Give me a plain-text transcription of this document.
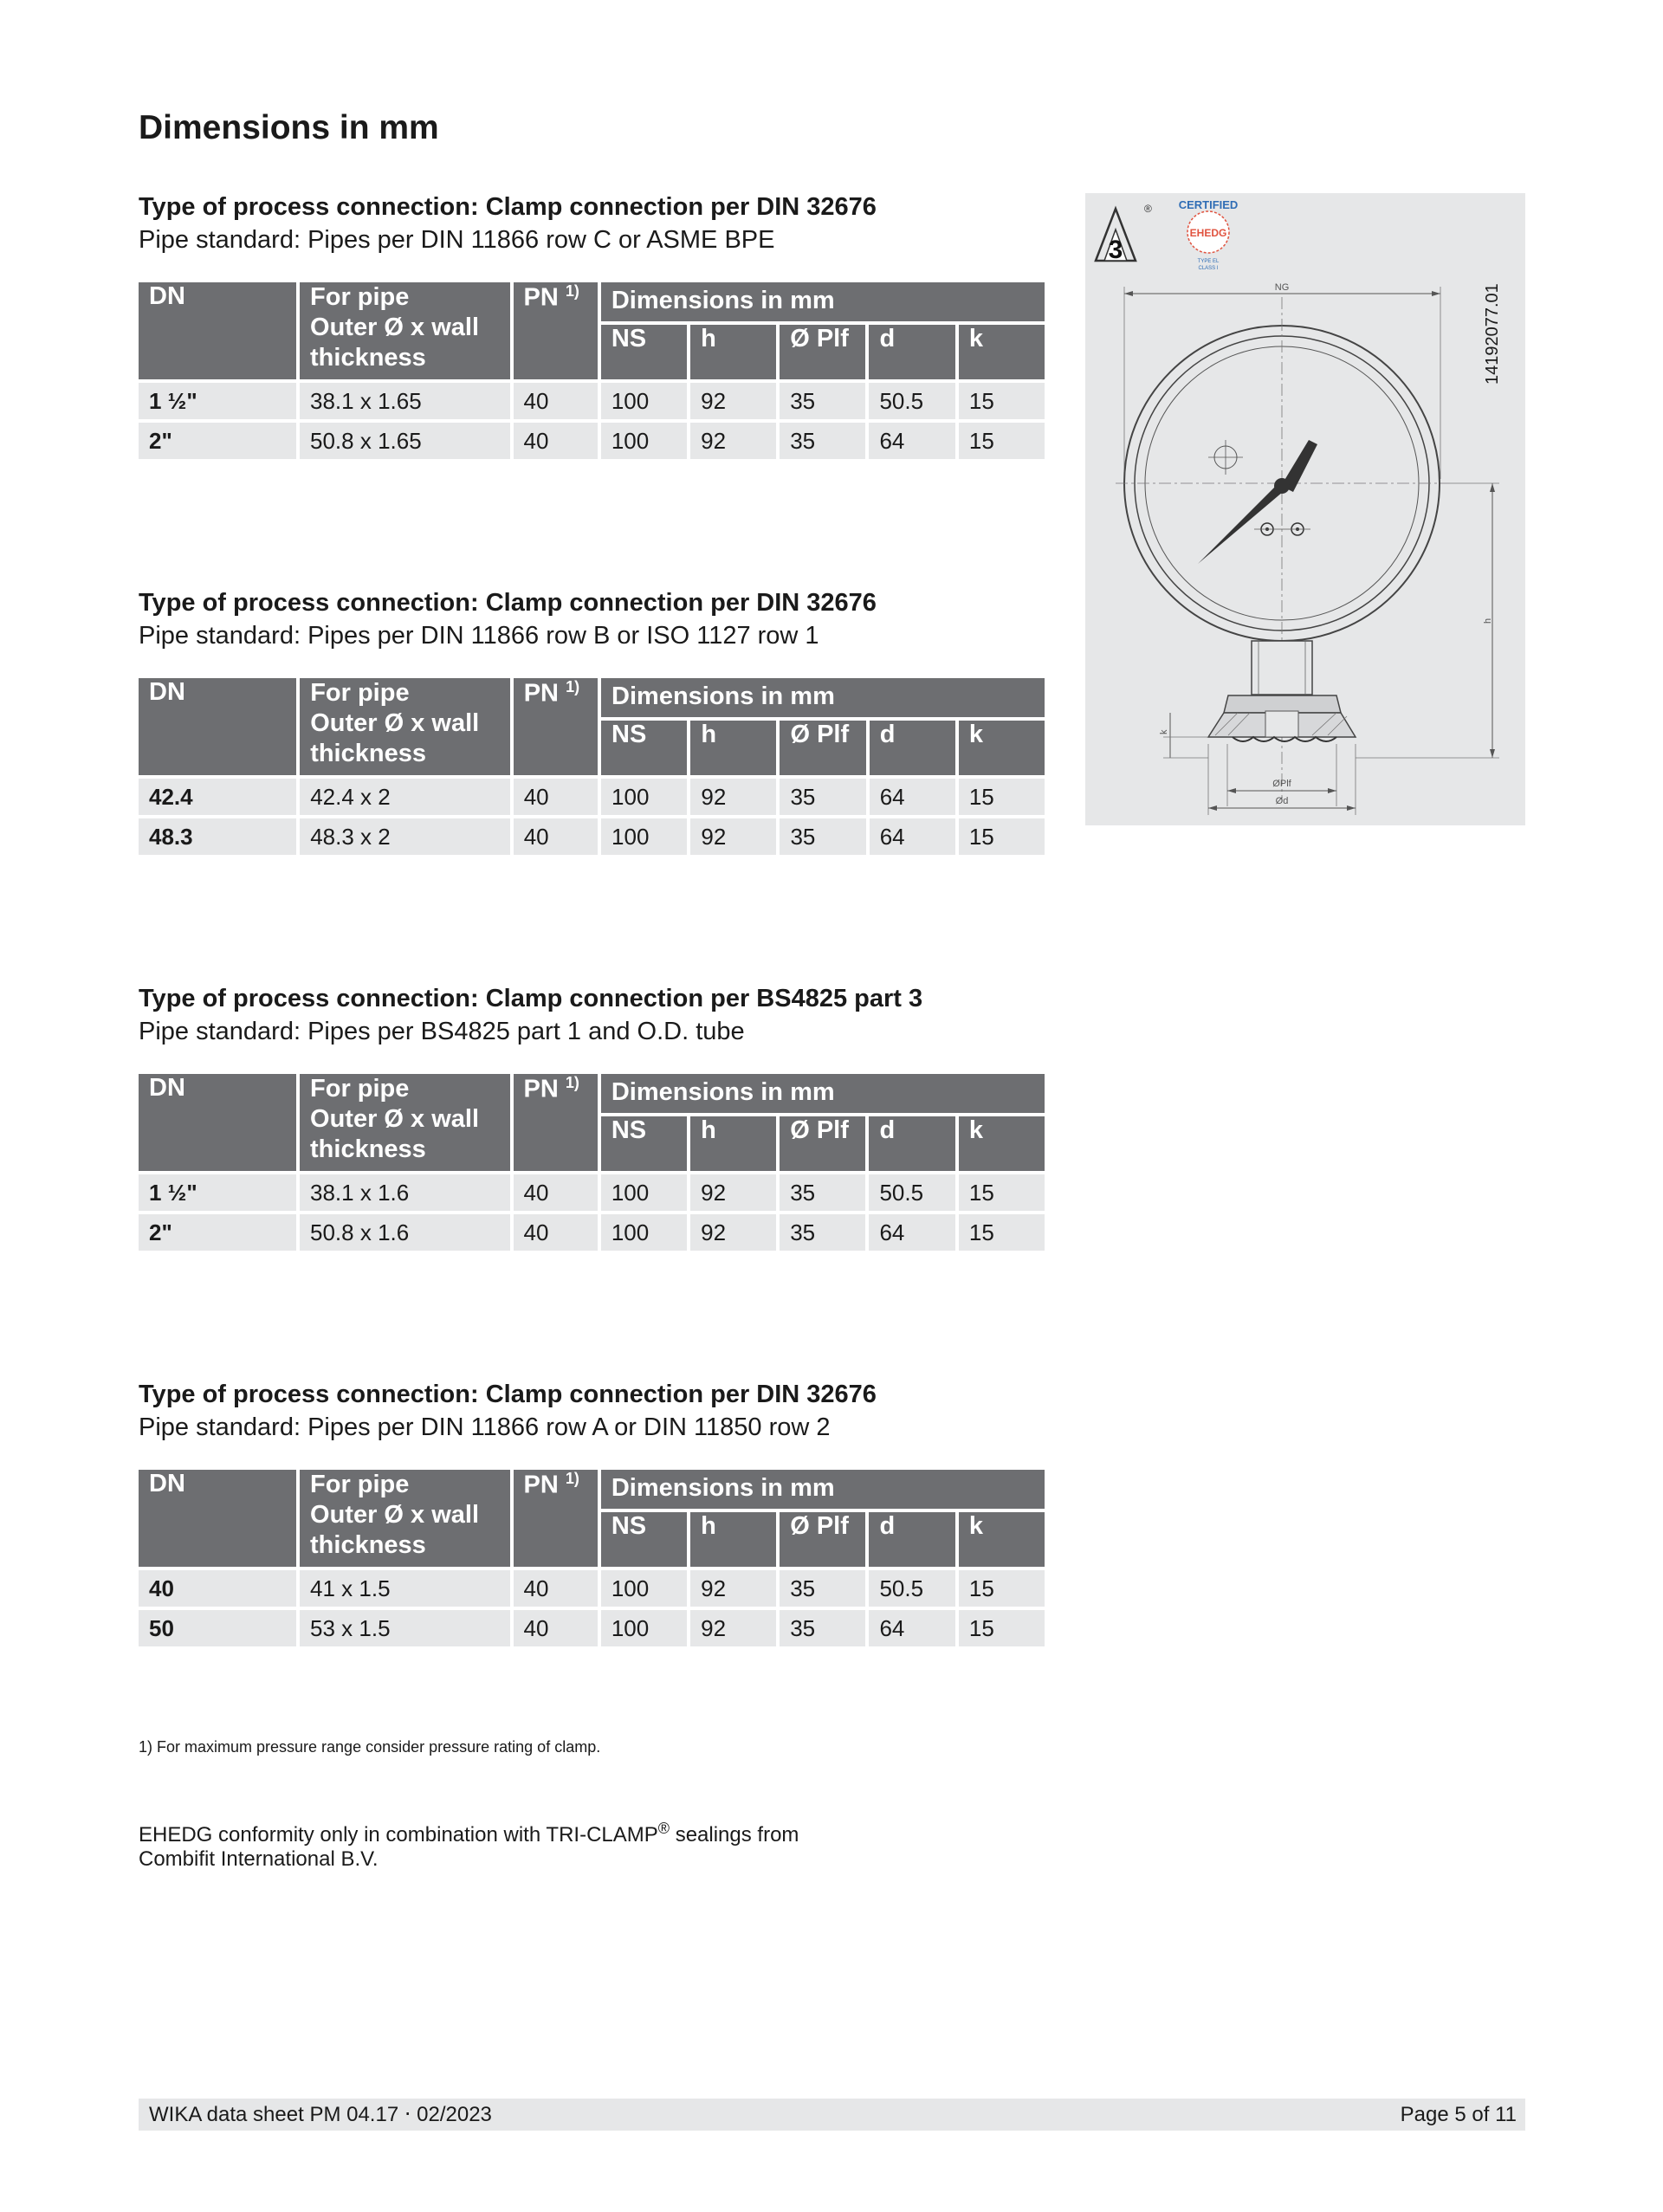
Dimensions in mm
Type of process connection: Clamp connection per DIN 32676
Pipe standard: Pipes per DIN 11866 row C or ASME BPE
DN	For pipe
Outer Ø x wall
thickness	PN $^{1)}$	Dimensions in mm				
			NS	h	Ø Plf	d	k
1 ½"	38.1 x 1.65	40	100	92	35	50.5	15
2"	50.8 x 1.65	40	100	92	35	64	15
Type of process connection: Clamp connection per DIN 32676
Pipe standard: Pipes per DIN 11866 row B or ISO 1127 row 1
DN	For pipe
Outer Ø x wall
thickness	PN $^{1)}$	Dimensions in mm				
			NS	h	Ø Plf	d	k
42.4	42.4 x 2	40	100	92	35	64	15
48.3	48.3 x 2	40	100	92	35	64	15
Type of process connection: Clamp connection per BS4825 part 3
Pipe standard: Pipes per BS4825 part 1 and O.D. tube
DN	For pipe
Outer Ø x wall
thickness	PN $^{1)}$	Dimensions in mm				
			NS	h	Ø Plf	d	k
1 ½"	38.1 x 1.6	40	100	92	35	50.5	15
2"	50.8 x 1.6	40	100	92	35	64	15
Type of process connection: Clamp connection per DIN 32676
Pipe standard: Pipes per DIN 11866 row A or DIN 11850 row 2
DN	For pipe
Outer Ø x wall
thickness	PN $^{1)}$	Dimensions in mm				
			NS	h	Ø Plf	d	k
40	41 x 1.5	40	100	92	35	50.5	15
50	53 x 1.5	40	100	92	35	64	15
3
® CERTIFIED
EHEDG
TYPE EL
CLASS I
NG
h
k
ØPlf
Ød
14192077.01
1) For maximum pressure range consider pressure rating of clamp.
EHEDG conformity only in combination with TRI-CLAMP® sealings from
Combifit International B.V.
WIKA data sheet PM 04.17 ⋅ 02/2023	Page 5 of 11
